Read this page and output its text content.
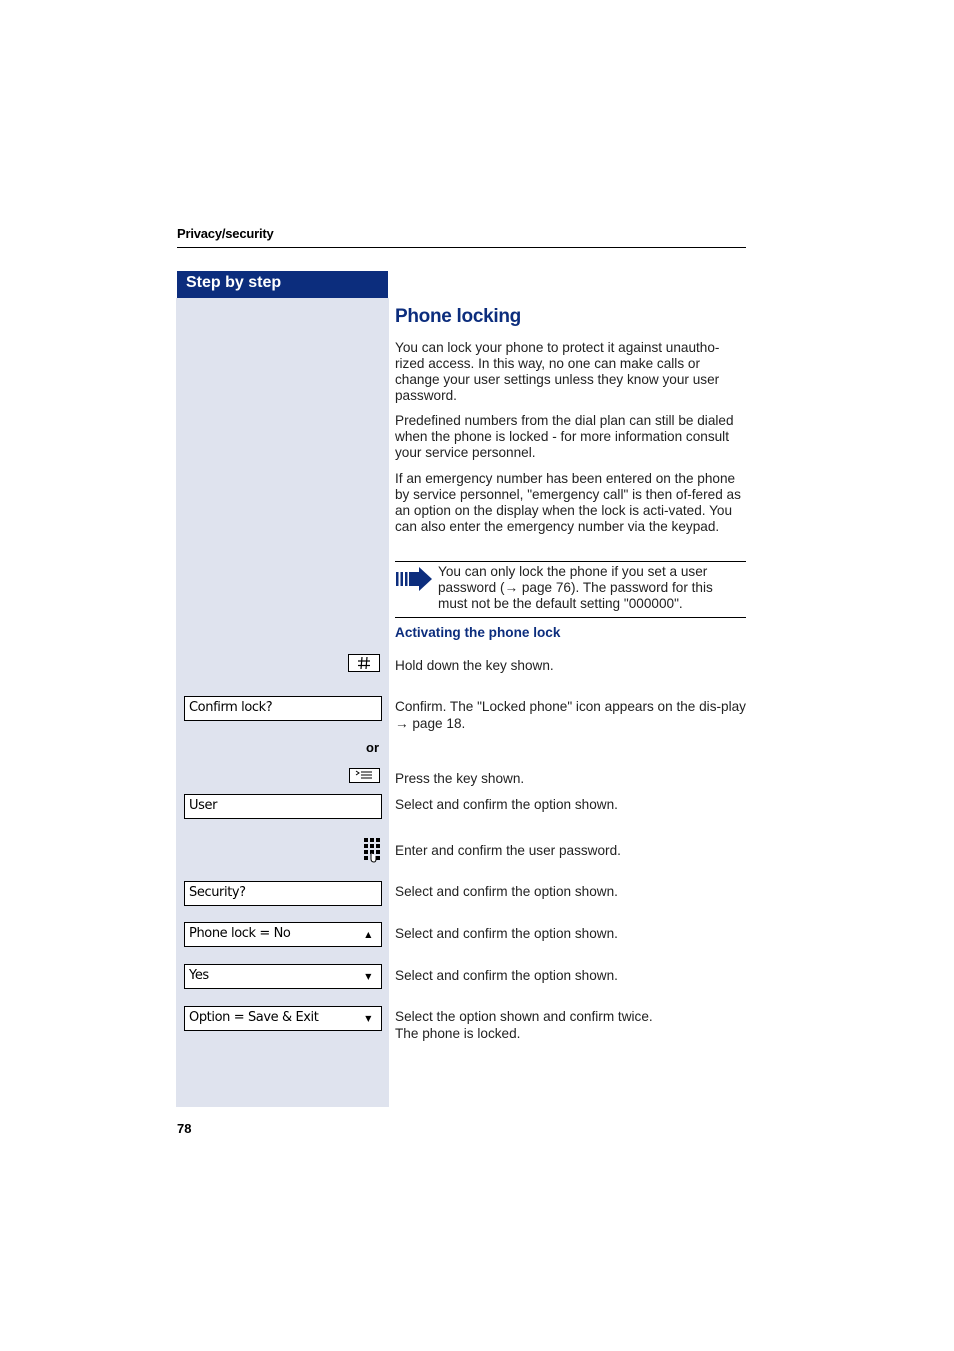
Privacy/security
Step by step
Phone locking
You can lock your phone to protect it against unautho-rized access. In this way, no one can make calls or change your user settings unless they know your user password.
Predefined numbers from the dial plan can still be dialed when the phone is locked - for more information consult your service personnel.
If an emergency number has been entered on the phone by service personnel, "emergency call" is then of-fered as an option on the display when the lock is acti-vated. You can also enter the emergency number via the keypad.
You can only lock the phone if you set a user password (→ page 76). The password for this must not be the default setting "000000".
Activating the phone lock
Hold down the key shown.
Confirm lock?	Confirm. The "Locked phone" icon appears on the dis-play → page 18.
or
Press the key shown.
User	Select and confirm the option shown.
Enter and confirm the user password.
Security?	Select and confirm the option shown.
Phone lock = No	▲ Select and confirm the option shown.
Yes	▼ Select and confirm the option shown.
Option = Save & Exit	▼ Select the option shown and confirm twice.
The phone is locked.
78
